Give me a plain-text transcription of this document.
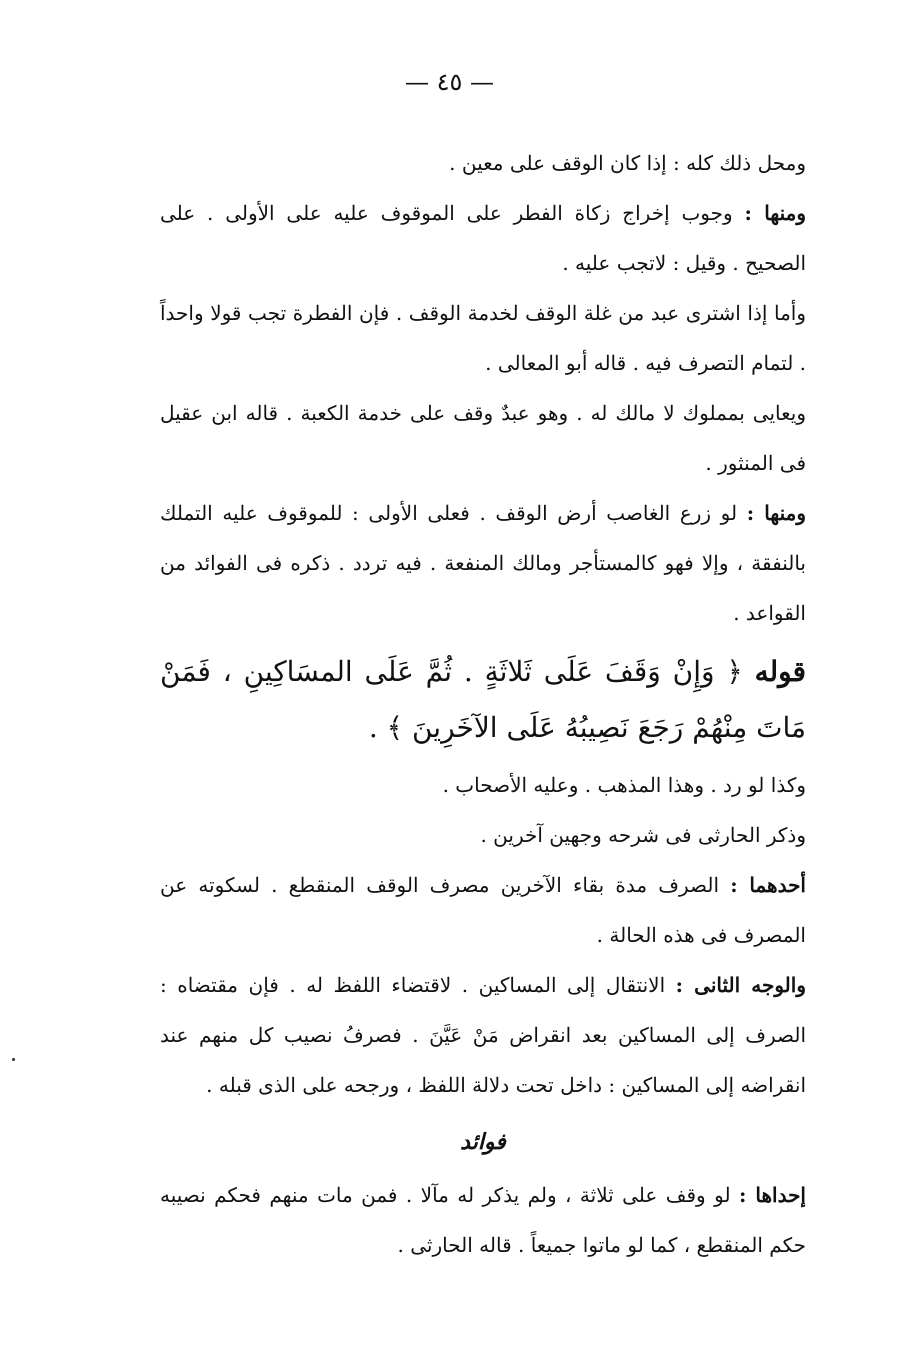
— ٤٥ —

ومحل ذلك كله : إذا كان الوقف على معين .

ومنها : وجوب إخراج زكاة الفطر على الموقوف عليه على الأولى . على الصحيح . وقيل : لاتجب عليه .

وأما إذا اشترى عبد من غلة الوقف لخدمة الوقف . فإن الفطرة تجب قولا واحداً . لتمام التصرف فيه . قاله أبو المعالى .

ويعايى بمملوك لا مالك له . وهو عبدٌ وقف على خدمة الكعبة . قاله ابن عقيل فى المنثور .

ومنها : لو زرع الغاصب أرض الوقف . فعلى الأولى : للموقوف عليه التملك بالنفقة ، وإلا فهو كالمستأجر ومالك المنفعة . فيه تردد . ذكره فى الفوائد من القواعد .

قوله ﴿ وَإِنْ وَقَفَ عَلَى ثَلاثَةٍ . ثُمَّ عَلَى المسَاكِينِ ، فَمَنْ مَاتَ مِنْهُمْ رَجَعَ نَصِيبُهُ عَلَى الآخَرِينَ ﴾ .

وكذا لو رد . وهذا المذهب . وعليه الأصحاب .

وذكر الحارثى فى شرحه وجهين آخرين .

أحدهما : الصرف مدة بقاء الآخرين مصرف الوقف المنقطع . لسكوته عن المصرف فى هذه الحالة .

والوجه الثانى : الانتقال إلى المساكين . لاقتضاء اللفظ له . فإن مقتضاه : الصرف إلى المساكين بعد انقراض مَنْ عَيَّنَ . فصرفُ نصيب كل منهم عند انقراضه إلى المساكين : داخل تحت دلالة اللفظ ، ورجحه على الذى قبله .

فوائد

إحداها : لو وقف على ثلاثة ، ولم يذكر له مآلا . فمن مات منهم فحكم نصيبه حكم المنقطع ، كما لو ماتوا جميعاً . قاله الحارثى .
